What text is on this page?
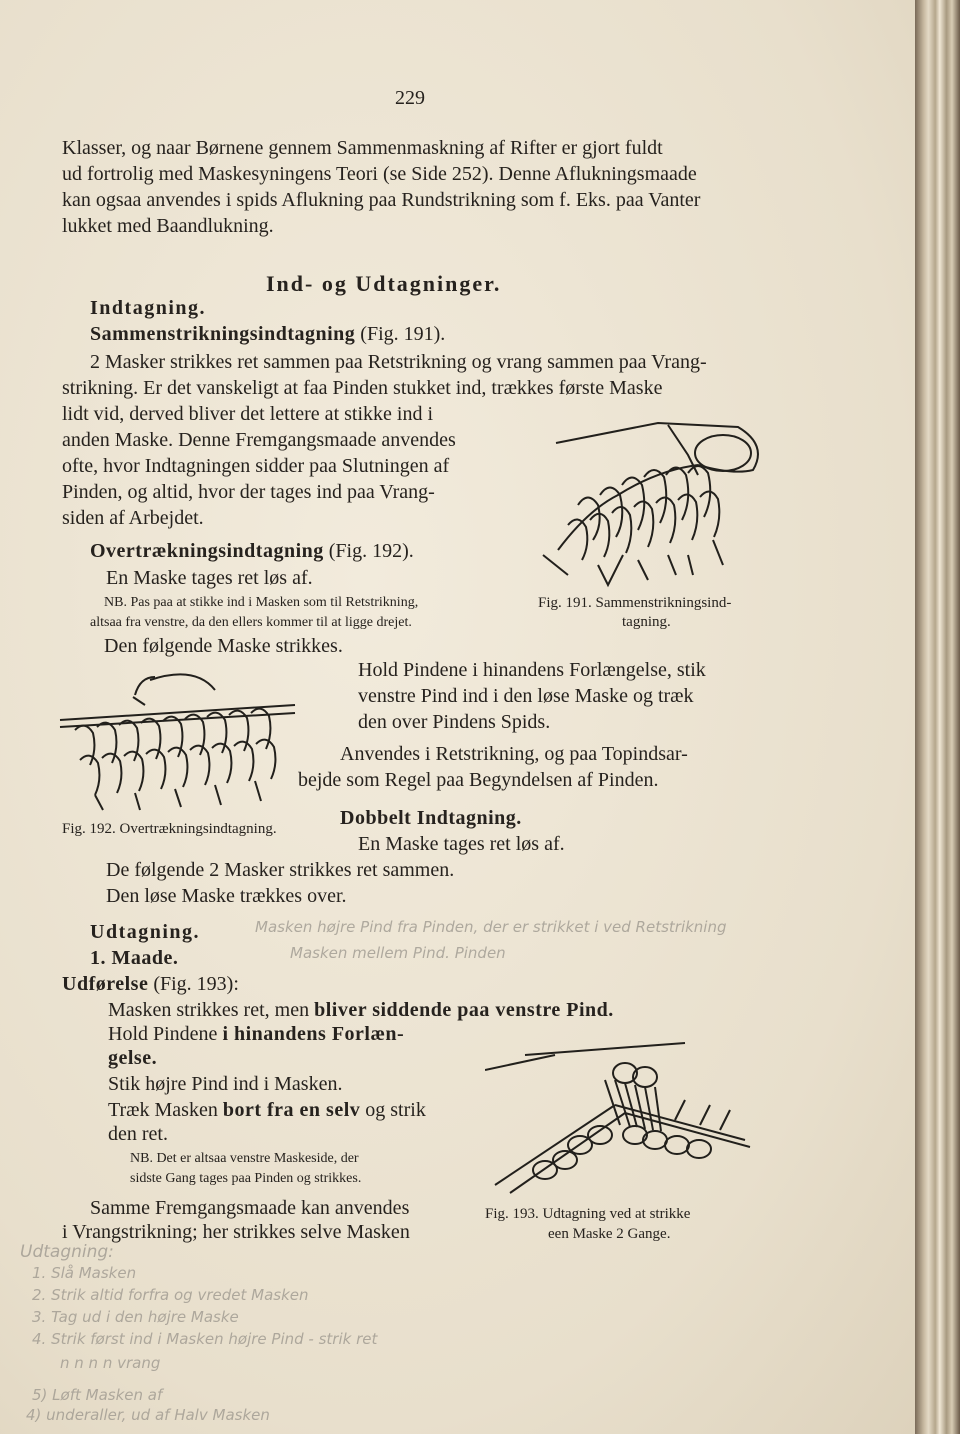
229
Klasser, og naar Børnene gennem Sammenmaskning af Rifter er gjort fuldt
ud fortrolig med Maskesyningens Teori (se Side 252). Denne Aflukningsmaade
kan ogsaa anvendes i spids Aflukning paa Rundstrikning som f. Eks. paa Vanter
lukket med Baandlukning.
Ind- og Udtagninger.
Indtagning.
Sammenstrikningsindtagning (Fig. 191).
2 Masker strikkes ret sammen paa Retstrikning og vrang sammen paa Vrang-
strikning. Er det vanskeligt at faa Pinden stukket ind, trækkes første Maske
lidt vid, derved bliver det lettere at stikke ind i
anden Maske. Denne Fremgangsmaade anvendes
ofte, hvor Indtagningen sidder paa Slutningen af
Pinden, og altid, hvor der tages ind paa Vrang-
siden af Arbejdet.
Fig. 191. Sammenstrikningsind-
tagning.
Overtrækningsindtagning (Fig. 192).
En Maske tages ret løs af.
NB. Pas paa at stikke ind i Masken som til Retstrikning,
altsaa fra venstre, da den ellers kommer til at ligge drejet.
Den følgende Maske strikkes.
Hold Pindene i hinandens Forlængelse, stik
venstre Pind ind i den løse Maske og træk
den over Pindens Spids.
Anvendes i Retstrikning, og paa Topindsar-
bejde som Regel paa Begyndelsen af Pinden.
Fig. 192. Overtrækningsindtagning.	Dobbelt Indtagning.
En Maske tages ret løs af.
De følgende 2 Masker strikkes ret sammen.
Den løse Maske trækkes over.
Udtagning.
1. Maade.
Udførelse (Fig. 193):
Masken strikkes ret, men bliver siddende paa venstre Pind.
Hold Pindene i hinandens Forlæn-
gelse.
Stik højre Pind ind i Masken.
Træk Masken bort fra en selv og strik
den ret.
NB. Det er altsaa venstre Maskeside, der
sidste Gang tages paa Pinden og strikkes.
Samme Fremgangsmaade kan anvendes
i Vrangstrikning; her strikkes selve Masken
Fig. 193. Udtagning ved at strikke
een Maske 2 Gange.
Masken højre Pind fra Pinden, der er strikket i ved Retstrikning
Masken mellem Pind. Pinden
Udtagning:
1. Slå Masken
2. Strik altid forfra og vredet Masken
3. Tag ud i den højre Maske
4. Strik først ind i Masken højre Pind - strik ret
n n n n vrang
5) Løft Masken af
4) underaller, ud af Halv Masken
